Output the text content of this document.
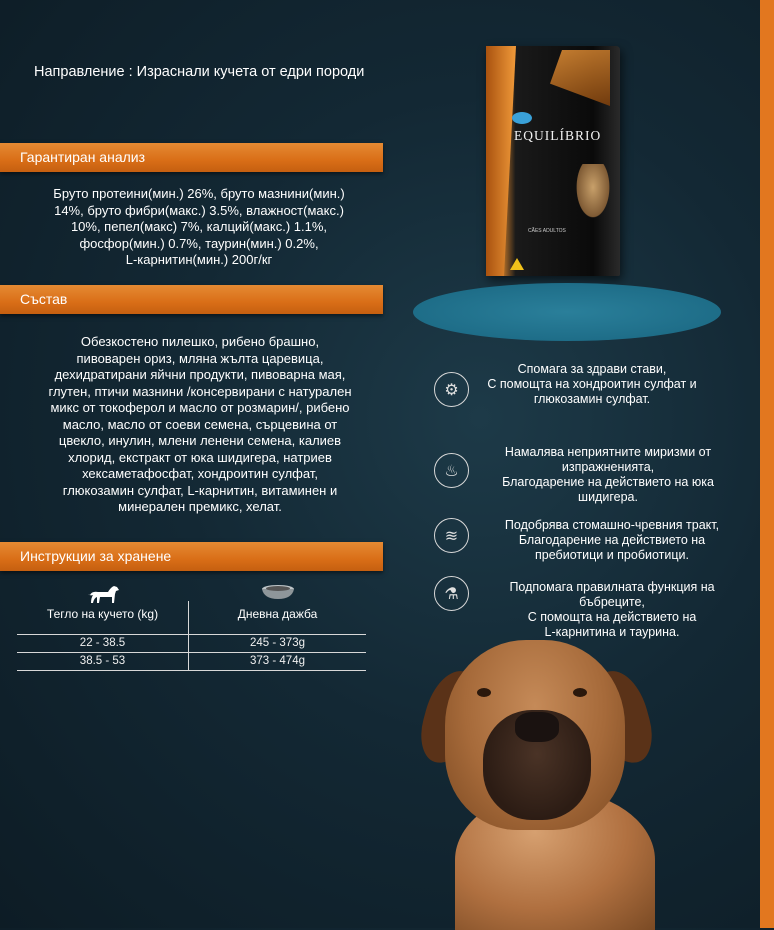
Направление : Израснали кучета от едри породи
Гарантиран анализ
Бруто протеини(мин.) 26%, бруто мазнини(мин.)
14%, бруто фибри(макс.) 3.5%, влажност(макс.)
10%, пепел(макс) 7%, калций(макс.) 1.1%,
фосфор(мин.) 0.7%, таурин(мин.) 0.2%,
L-карнитин(мин.) 200г/кг
Състав
Обезкостено пилешко, рибено брашно,
пивоварен ориз, мляна жълта царевица,
дехидратирани яйчни продукти, пивоварна мая,
глутен, птичи мазнини /консервирани с натурален
микс от токоферол и масло от розмарин/, рибено
масло, масло от соеви семена, сърцевина от
цвекло, инулин, млени ленени семена, калиев
хлорид, екстракт от юка шидигера, натриев
хексаметафосфат, хондроитин сулфат,
глюкозамин сулфат, L-карнитин, витаминен и
минерален премикс, хелат.
Инструкции за хранене
Тегло на кучето (kg)	Дневна дажба
22 - 38.5	245 - 373g
38.5 - 53	373 - 474g
EQUILÍBRIO
CÃES ADULTOS
⚙
Спомага за здрави стави,
С помощта на хондроитин сулфат и
глюкозамин сулфат.
♨
Намалява неприятните миризми от
изпражненията,
Благодарение на действието на юка
шидигера.
≋
Подобрява стомашно-чревния тракт,
Благодарение на действието на
пребиотици и пробиотици.
⚗	Подпомага правилната функция на
бъбреците,
С помощта на действието на
L-карнитина и таурина.
